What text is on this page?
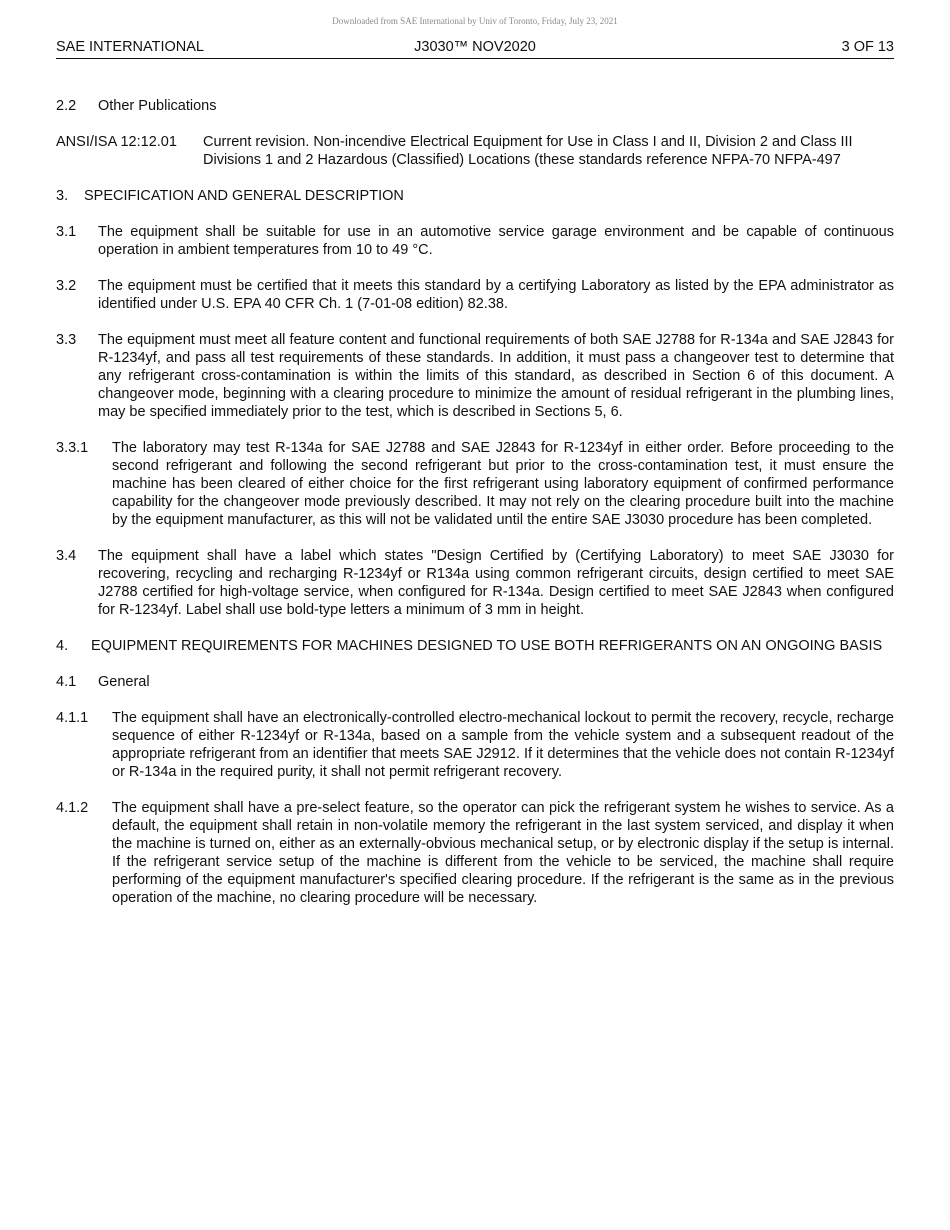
Downloaded from SAE International by Univ of Toronto, Friday, July 23, 2021
SAE INTERNATIONAL	J3030™ NOV2020	3 OF 13
2.2 Other Publications
ANSI/ISA 12:12.01 Current revision. Non-incendive Electrical Equipment for Use in Class I and II, Division 2 and Class III Divisions 1 and 2 Hazardous (Classified) Locations (these standards reference NFPA-70 NFPA-497
3. SPECIFICATION AND GENERAL DESCRIPTION
3.1 The equipment shall be suitable for use in an automotive service garage environment and be capable of continuous operation in ambient temperatures from 10 to 49 °C.
3.2 The equipment must be certified that it meets this standard by a certifying Laboratory as listed by the EPA administrator as identified under U.S. EPA 40 CFR Ch. 1 (7-01-08 edition) 82.38.
3.3 The equipment must meet all feature content and functional requirements of both SAE J2788 for R-134a and SAE J2843 for R-1234yf, and pass all test requirements of these standards. In addition, it must pass a changeover test to determine that any refrigerant cross-contamination is within the limits of this standard, as described in Section 6 of this document. A changeover mode, beginning with a clearing procedure to minimize the amount of residual refrigerant in the plumbing lines, may be specified immediately prior to the test, which is described in Sections 5, 6.
3.3.1 The laboratory may test R-134a for SAE J2788 and SAE J2843 for R-1234yf in either order. Before proceeding to the second refrigerant and following the second refrigerant but prior to the cross-contamination test, it must ensure the machine has been cleared of either choice for the first refrigerant using laboratory equipment of confirmed performance capability for the changeover mode previously described. It may not rely on the clearing procedure built into the machine by the equipment manufacturer, as this will not be validated until the entire SAE J3030 procedure has been completed.
3.4 The equipment shall have a label which states "Design Certified by (Certifying Laboratory) to meet SAE J3030 for recovering, recycling and recharging R-1234yf or R134a using common refrigerant circuits, design certified to meet SAE J2788 certified for high-voltage service, when configured for R-134a. Design certified to meet SAE J2843 when configured for R-1234yf. Label shall use bold-type letters a minimum of 3 mm in height.
4. EQUIPMENT REQUIREMENTS FOR MACHINES DESIGNED TO USE BOTH REFRIGERANTS ON AN ONGOING BASIS
4.1 General
4.1.1 The equipment shall have an electronically-controlled electro-mechanical lockout to permit the recovery, recycle, recharge sequence of either R-1234yf or R-134a, based on a sample from the vehicle system and a subsequent readout of the appropriate refrigerant from an identifier that meets SAE J2912. If it determines that the vehicle does not contain R-1234yf or R-134a in the required purity, it shall not permit refrigerant recovery.
4.1.2 The equipment shall have a pre-select feature, so the operator can pick the refrigerant system he wishes to service. As a default, the equipment shall retain in non-volatile memory the refrigerant in the last system serviced, and display it when the machine is turned on, either as an externally-obvious mechanical setup, or by electronic display if the setup is internal. If the refrigerant service setup of the machine is different from the vehicle to be serviced, the machine shall require performing of the equipment manufacturer's specified clearing procedure. If the refrigerant is the same as in the previous operation of the machine, no clearing procedure will be necessary.
